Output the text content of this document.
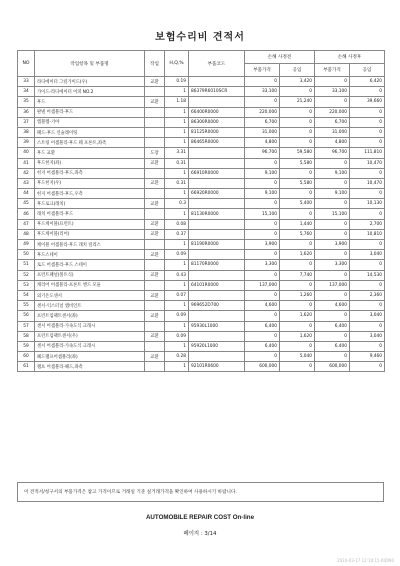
보험수리비 견적서
NO	작업항목 및 부품명	작업	H,Q,%	부품코드	손해 사정전		손해 사정후	
					부품가격	공임	부품가격	공임
33	라디에이터 그릴가이드(우)	교환	0.19		0	3,420	0	6,420
34	가이드-라디에이터 어퍼 NO.2		1	86379R6010SCR	33,100	0	33,100	0
35	후드	교환	1.18		0	21,240	0	39,660
36	판넬 어셈블리-후드		1	66400R0000	220,000	0	220,000	0
37	엠블렘-기아		1	86300R0000	6,700	0	6,700	0
38	패드-후드 인슐레이팅		1	81125R0000	31,000	0	31,000	0
39	스트링 어셈블리-후드 웨 포론트,좌측		1	86465R0000	4,800	0	4,800	0
40	후드 교환	도장	3.31		96,700	59,580	96,700	111,810
41	후드힌지(좌)	교환	0.31		0	5,580	0	10,470
42	힌지 어셈블리-후드,좌측		1	66910R0000	9,100	0	9,100	0
43	후드힌지(우)	교환	0.31		0	5,580	0	10,470
44	힌지 어셈블리-후드,우측		1	66920R0000	9,100	0	9,100	0
45	후드로크(래치)	교환	0.3		0	5,400	0	10,130
46	래치 어셈블리-후드		1	81130R0000	15,100	0	15,100	0
47	후드케이블(프런트)	교환	0.08		0	1,440	0	2,700
48	후드케이블(리어)	교환	0.37		0	5,760	0	10,810
49	케이블 어셈블리-후드 래치 릴리스		1	81190R0000	3,900	0	3,900	0
50	후드스테이	교환	0.09		0	1,620	0	3,040
51	로드 어셈블리-후드 스테이		1	81170R0000	3,300	0	3,300	0
52	프런트패널(볼트식)	교환	0.43		0	7,740	0	14,530
53	캐리어 어셈블리-프론트 엔드 모듈		1	64101R0000	137,000	0	137,000	0
54	외기온도센서	교환	0.07		0	1,260	0	2,360
55	센서-익스터널 앰비언트		1	969652D700	4,600	0	4,600	0
56	프런트임팩트센서(좌)	교환	0.09		0	1,620	0	3,040
57	센서 어셈블리-가속도식 크래시		1	95930L1000	6,400	0	6,400	0
58	프런트임팩트센서(우)	교환	0.09		0	1,620	0	3,040
59	센서 어셈블리-가속도식 크래시		1	95920L1000	6,400	0	6,400	0
60	헤드램프어셈블리(좌)	교환	0.28		0	5,040	0	9,460
61	램프 어셈블리-헤드,좌측		1	92101R0600	600,000	0	600,000	0
이 견적서/청구서의 부품가격은 참고 가격이므로 거래일 기준 실거래가격을 확인하여 사용하시기 바랍니다.
AUTOMOBILE REPAIR COST On-line
페이지 : 3/14
2024-03-17 12:10:15 KIDI90
